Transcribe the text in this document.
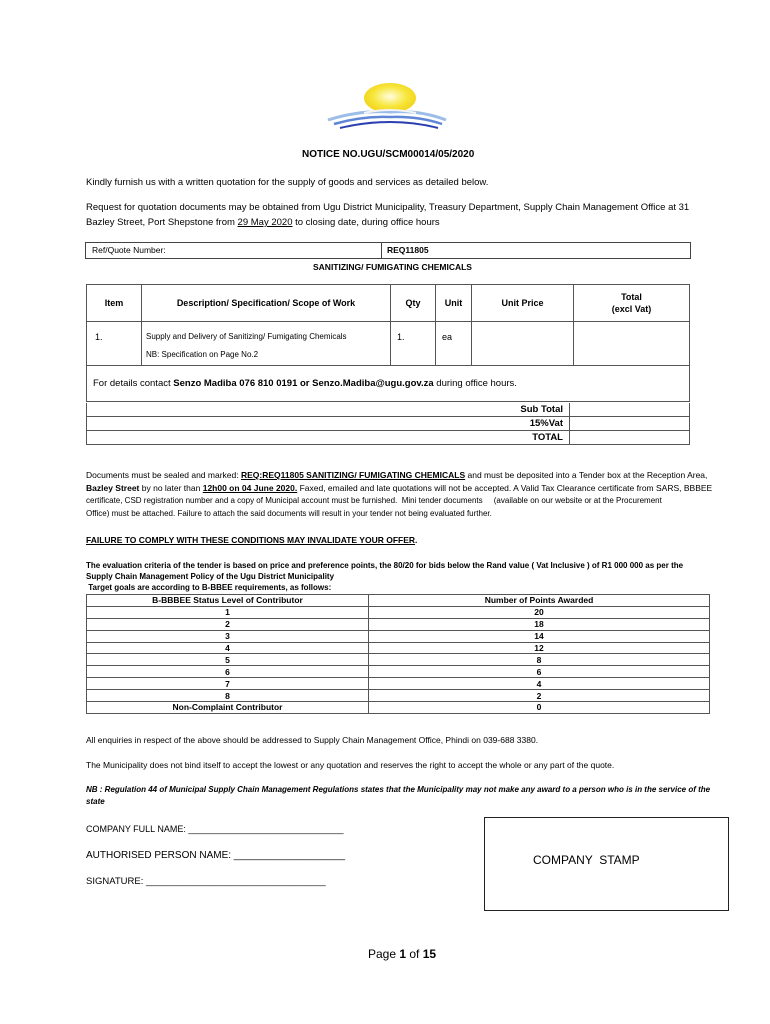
NOTICE NO.UGU/SCM00014/05/2020
Kindly furnish us with a written quotation for the supply of goods and services as detailed below.
Request for quotation documents may be obtained from Ugu District Municipality, Treasury Department, Supply Chain Management Office at 31
Bazley Street, Port Shepstone from 29 May 2020 to closing date, during office hours
Ref/Quote Number:	REQ11805
SANITIZING/ FUMIGATING CHEMICALS
Item	Description/ Specification/ Scope of Work	Qty	Unit	Unit Price	Total
(excl Vat)

1.	Supply and Delivery of Sanitizing/ Fumigating Chemicals
NB: Specification on Page No.2	1.	ea		
For details contact Senzo Madiba 076 810 0191 or Senzo.Madiba@ugu.gov.za during office hours.					
Sub Total	
15%Vat	
TOTAL	
Documents must be sealed and marked: REQ:REQ11805 SANITIZING/ FUMIGATING CHEMICALS and must be deposited into a Tender box at the Reception Area,
Bazley Street by no later than 12h00 on 04 June 2020. Faxed, emailed and late quotations will not be accepted. A Valid Tax Clearance certificate from SARS, BBBEE
certificate, CSD registration number and a copy of Municipal account must be furnished.  Mini tender documents     (available on our website or at the Procurement
Office) must be attached. Failure to attach the said documents will result in your tender not being evaluated further.
FAILURE TO COMPLY WITH THESE CONDITIONS MAY INVALIDATE YOUR OFFER.
The evaluation criteria of the tender is based on price and preference points, the 80/20 for bids below the Rand value ( Vat Inclusive ) of R1 000 000 as per the
Supply Chain Management Policy of the Ugu District Municipality
Target goals are according to B-BBEE requirements, as follows:
B-BBBEE Status Level of Contributor	Number of Points Awarded
1	20
2	18
3	14
4	12
5	8
6	6
7	4
8	2
Non-Complaint Contributor	0
All enquiries in respect of the above should be addressed to Supply Chain Management Office, Phindi on 039-688 3380.
The Municipality does not bind itself to accept the lowest or any quotation and reserves the right to accept the whole or any part of the quote.
NB : Regulation 44 of Municipal Supply Chain Management Regulations states that the Municipality may not make any award to a person who is in the service of the
state
COMPANY FULL NAME: _______________________________
AUTHORISED PERSON NAME: ____________________
SIGNATURE: __________________________________
COMPANY  STAMP
Page 1 of 15
